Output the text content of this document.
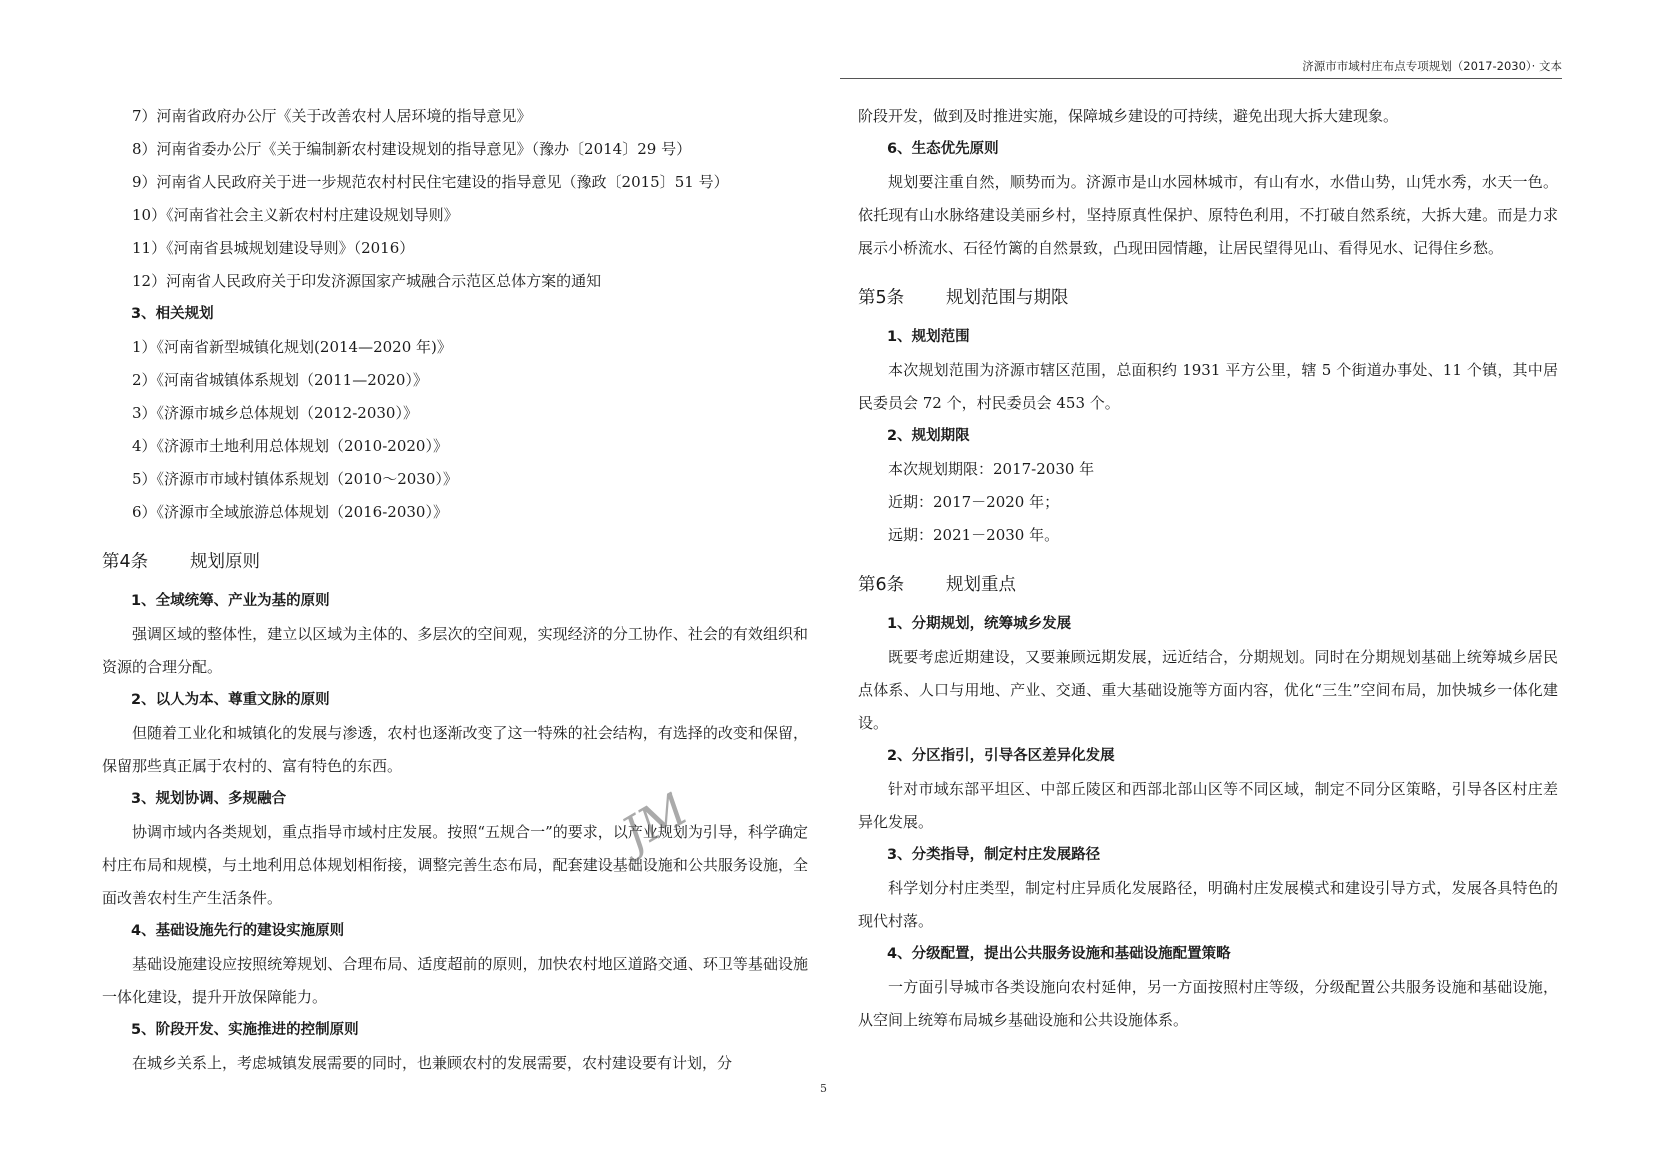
济源市市域村庄布点专项规划（2017-2030）· 文本

7）河南省政府办公厅《关于改善农村人居环境的指导意见》

8）河南省委办公厅《关于编制新农村建设规划的指导意见》（豫办〔2014〕29 号）

9）河南省人民政府关于进一步规范农村村民住宅建设的指导意见（豫政〔2015〕51 号）

10）《河南省社会主义新农村村庄建设规划导则》

11）《河南省县城规划建设导则》（2016）

12）河南省人民政府关于印发济源国家产城融合示范区总体方案的通知

3、相关规划

1）《河南省新型城镇化规划(2014—2020 年)》

2）《河南省城镇体系规划（2011—2020）》

3）《济源市城乡总体规划（2012-2030）》

4）《济源市土地利用总体规划（2010-2020）》

5）《济源市市域村镇体系规划（2010～2030）》

6）《济源市全域旅游总体规划（2016-2030）》

第4条 规划原则

1、全域统筹、产业为基的原则

强调区域的整体性，建立以区域为主体的、多层次的空间观，实现经济的分工协作、社会的有效组织和资源的合理分配。

2、以人为本、尊重文脉的原则

但随着工业化和城镇化的发展与渗透，农村也逐渐改变了这一特殊的社会结构，有选择的改变和保留，保留那些真正属于农村的、富有特色的东西。

3、规划协调、多规融合

协调市域内各类规划，重点指导市域村庄发展。按照“五规合一”的要求，以产业规划为引导，科学确定村庄布局和规模，与土地利用总体规划相衔接，调整完善生态布局，配套建设基础设施和公共服务设施，全面改善农村生产生活条件。

4、基础设施先行的建设实施原则

基础设施建设应按照统筹规划、合理布局、适度超前的原则，加快农村地区道路交通、环卫等基础设施一体化建设，提升开放保障能力。

5、阶段开发、实施推进的控制原则

在城乡关系上，考虑城镇发展需要的同时，也兼顾农村的发展需要，农村建设要有计划，分

阶段开发，做到及时推进实施，保障城乡建设的可持续，避免出现大拆大建现象。

6、生态优先原则

规划要注重自然，顺势而为。济源市是山水园林城市，有山有水，水借山势，山凭水秀，水天一色。依托现有山水脉络建设美丽乡村，坚持原真性保护、原特色利用，不打破自然系统，大拆大建。而是力求展示小桥流水、石径竹篱的自然景致，凸现田园情趣，让居民望得见山、看得见水、记得住乡愁。

第5条 规划范围与期限

1、规划范围

本次规划范围为济源市辖区范围，总面积约 1931 平方公里，辖 5 个街道办事处、11 个镇，其中居民委员会 72 个，村民委员会 453 个。

2、规划期限

本次规划期限：2017-2030 年

近期：2017－2020 年；

远期：2021－2030 年。

第6条 规划重点

1、分期规划，统筹城乡发展

既要考虑近期建设，又要兼顾远期发展，远近结合，分期规划。同时在分期规划基础上统筹城乡居民点体系、人口与用地、产业、交通、重大基础设施等方面内容，优化“三生”空间布局，加快城乡一体化建设。

2、分区指引，引导各区差异化发展

针对市域东部平坦区、中部丘陵区和西部北部山区等不同区域，制定不同分区策略，引导各区村庄差异化发展。

3、分类指导，制定村庄发展路径

科学划分村庄类型，制定村庄异质化发展路径，明确村庄发展模式和建设引导方式，发展各具特色的现代村落。

4、分级配置，提出公共服务设施和基础设施配置策略

一方面引导城市各类设施向农村延伸，另一方面按照村庄等级，分级配置公共服务设施和基础设施，从空间上统筹布局城乡基础设施和公共设施体系。

JM
5
